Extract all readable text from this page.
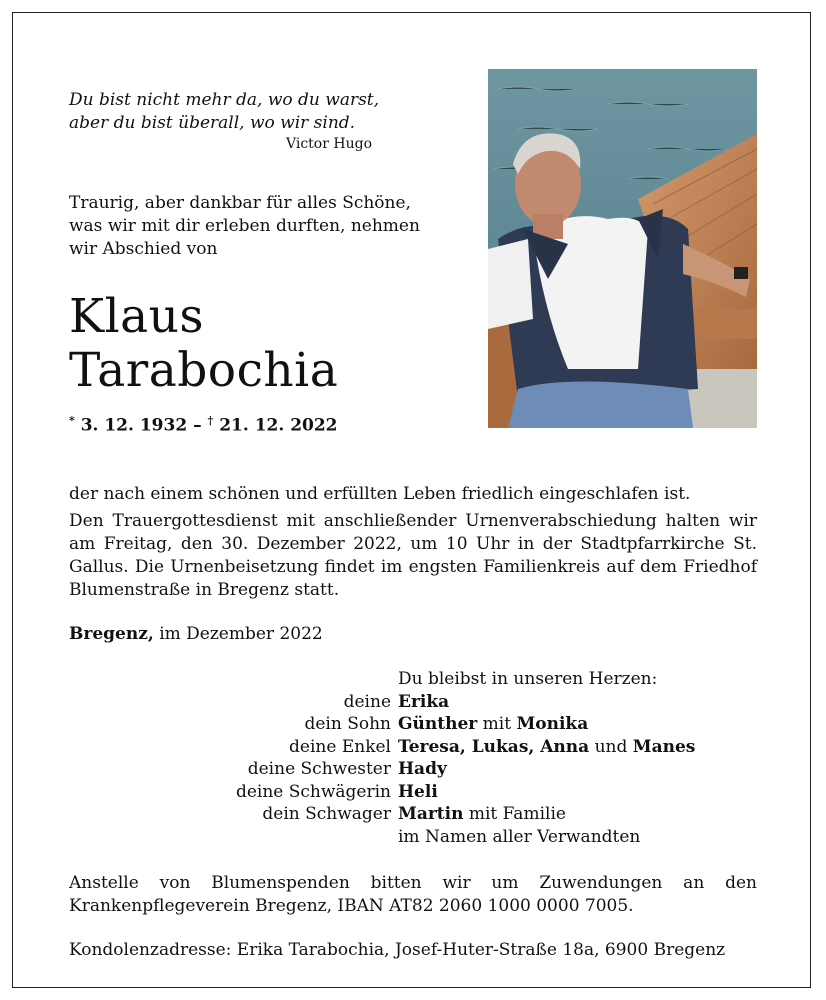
Du bist nicht mehr da, wo du warst,
aber du bist überall, wo wir sind.
Victor Hugo
Traurig, aber dankbar für alles Schöne,
was wir mit dir erleben durften, nehmen
wir Abschied von
Klaus
Tarabochia
* 3. 12. 1932 – † 21. 12. 2022

der nach einem schönen und erfüllten Leben friedlich eingeschlafen ist.

Den Trauergottesdienst mit anschließender Urnenverabschiedung halten wir am Freitag, den 30. Dezember 2022, um 10 Uhr in der Stadtpfarrkirche St. Gallus. Die Urnenbeisetzung findet im engsten Familienkreis auf dem Friedhof Blumenstraße in Bregenz statt.

Bregenz, im Dezember 2022
Du bleibst in unseren Herzen:
deine Erika
dein Sohn Günther mit Monika
deine Enkel Teresa, Lukas, Anna und Manes
deine Schwester Hady
deine Schwägerin Heli
dein Schwager Martin mit Familie
im Namen aller Verwandten
Anstelle von Blumenspenden bitten wir um Zuwendungen an den Krankenpflegeverein Bregenz, IBAN AT82 2060 1000 0000 7005.
Kondolenzadresse: Erika Tarabochia, Josef-Huter-Straße 18a, 6900 Bregenz
